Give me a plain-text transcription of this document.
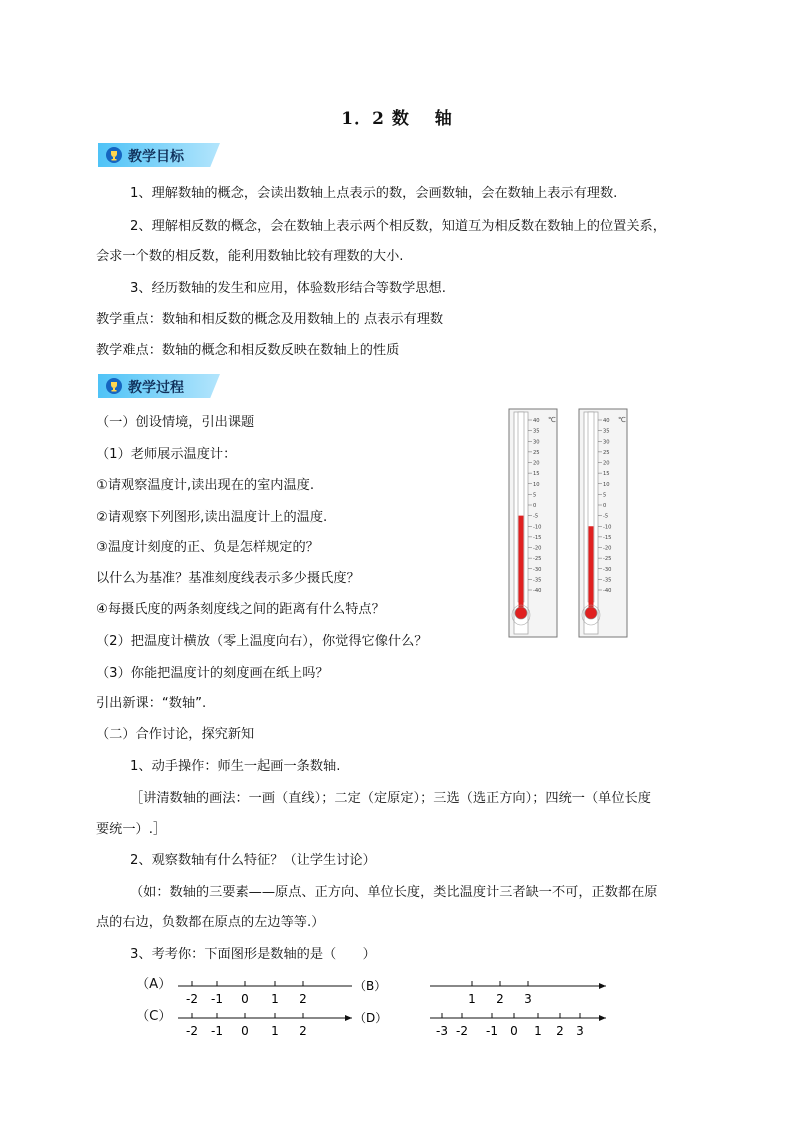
1．2 数　 轴
教学目标
1、理解数轴的概念，会读出数轴上点表示的数，会画数轴，会在数轴上表示有理数.
2、理解相反数的概念，会在数轴上表示两个相反数，知道互为相反数在数轴上的位置关系，
会求一个数的相反数，能利用数轴比较有理数的大小.
3、经历数轴的发生和应用，体验数形结合等数学思想.
教学重点：数轴和相反数的概念及用数轴上的 点表示有理数
教学难点：数轴的概念和相反数反映在数轴上的性质
教学过程
（一）创设情境，引出课题
（1）老师展示温度计：
①请观察温度计,读出现在的室内温度.
②请观察下列图形,读出温度计上的温度.
③温度计刻度的正、负是怎样规定的？
以什么为基准？基准刻度线表示多少摄氏度？
④每摄氏度的两条刻度线之间的距离有什么特点？
（2）把温度计横放（零上温度向右），你觉得它像什么？
（3）你能把温度计的刻度画在纸上吗？
引出新课：“数轴”.
（二）合作讨论，探究新知
1、动手操作：师生一起画一条数轴.
［讲清数轴的画法：一画（直线）；二定（定原定）；三选（选正方向）；四统一（单位长度
要统一）.］
2、观察数轴有什么特征？（让学生讨论）
（如：数轴的三要素——原点、正方向、单位长度，类比温度计三者缺一不可，正数都在原
点的右边，负数都在原点的左边等等.）
3、考考你：下面图形是数轴的是（　　）
40
35
30
25
20
15
10
5
0
-5
-10
-15
-20
-25
-30
-35
-40
℃	40
35
30
25
20
15
10
5
0
-5
-10
-15
-20
-25
-30
-35
-40
℃
（A）
（C）
（B）
-2 -1 0 1 2
（D）
-2 -1 0 1 2
1 2 3
-3 -2 -1 0 1 2 3
